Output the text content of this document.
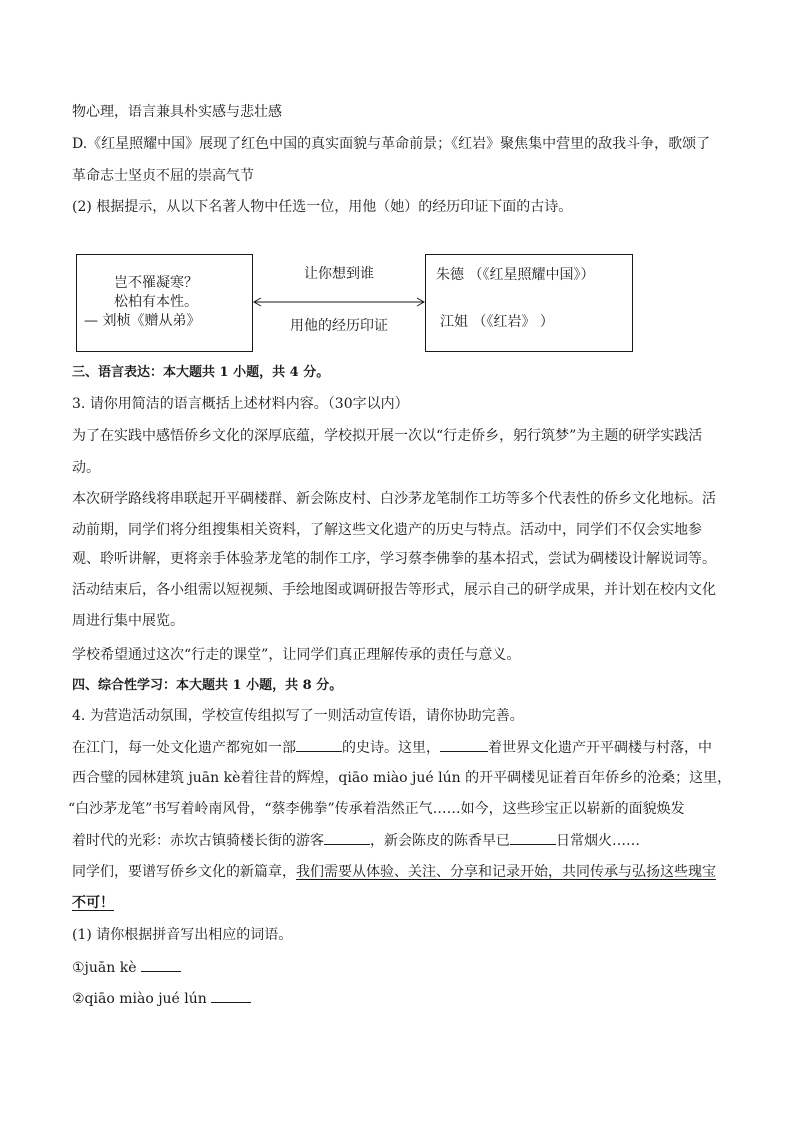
物心理，语言兼具朴实感与悲壮感
D.《红星照耀中国》展现了红色中国的真实面貌与革命前景；《红岩》聚焦集中营里的敌我斗争，歌颂了
革命志士坚贞不屈的崇高气节
(2) 根据提示，从以下名著人物中任选一位，用他（她）的经历印证下面的古诗。
岂不罹凝寒？
松柏有本性。
— 刘桢《赠从弟》
让你想到谁
用他的经历印证
朱德 （《红星照耀中国》）
江姐 （《红岩》 ）
三、语言表达：本大题共 1 小题，共 4 分。
3. 请你用简洁的语言概括上述材料内容。（30字以内）
为了在实践中感悟侨乡文化的深厚底蕴，学校拟开展一次以“行走侨乡，躬行筑梦”为主题的研学实践活
动。
本次研学路线将串联起开平碉楼群、新会陈皮村、白沙茅龙笔制作工坊等多个代表性的侨乡文化地标。活
动前期，同学们将分组搜集相关资料，了解这些文化遗产的历史与特点。活动中，同学们不仅会实地参
观、聆听讲解，更将亲手体验茅龙笔的制作工序，学习蔡李佛拳的基本招式，尝试为碉楼设计解说词等。
活动结束后，各小组需以短视频、手绘地图或调研报告等形式，展示自己的研学成果，并计划在校内文化
周进行集中展览。
学校希望通过这次“行走的课堂”，让同学们真正理解传承的责任与意义。
四、综合性学习：本大题共 1 小题，共 8 分。
4. 为营造活动氛围，学校宣传组拟写了一则活动宣传语，请你协助完善。
在江门，每一处文化遗产都宛如一部	的史诗。这里，	着世界文化遗产开平碉楼与村落，中
西合璧的园林建筑 juān kè着往昔的辉煌，qiāo miào jué lún 的开平碉楼见证着百年侨乡的沧桑；这里，
“白沙茅龙笔”书写着岭南风骨，“蔡李佛拳”传承着浩然正气……如今，这些珍宝正以崭新的面貌焕发
着时代的光彩：赤坎古镇骑楼长街的游客	，新会陈皮的陈香早已	日常烟火……
同学们，要谱写侨乡文化的新篇章，我们需要从体验、关注、分享和记录开始，共同传承与弘扬这些瑰宝
不可！
(1) 请你根据拼音写出相应的词语。
①juān kè
②qiāo miào jué lún
